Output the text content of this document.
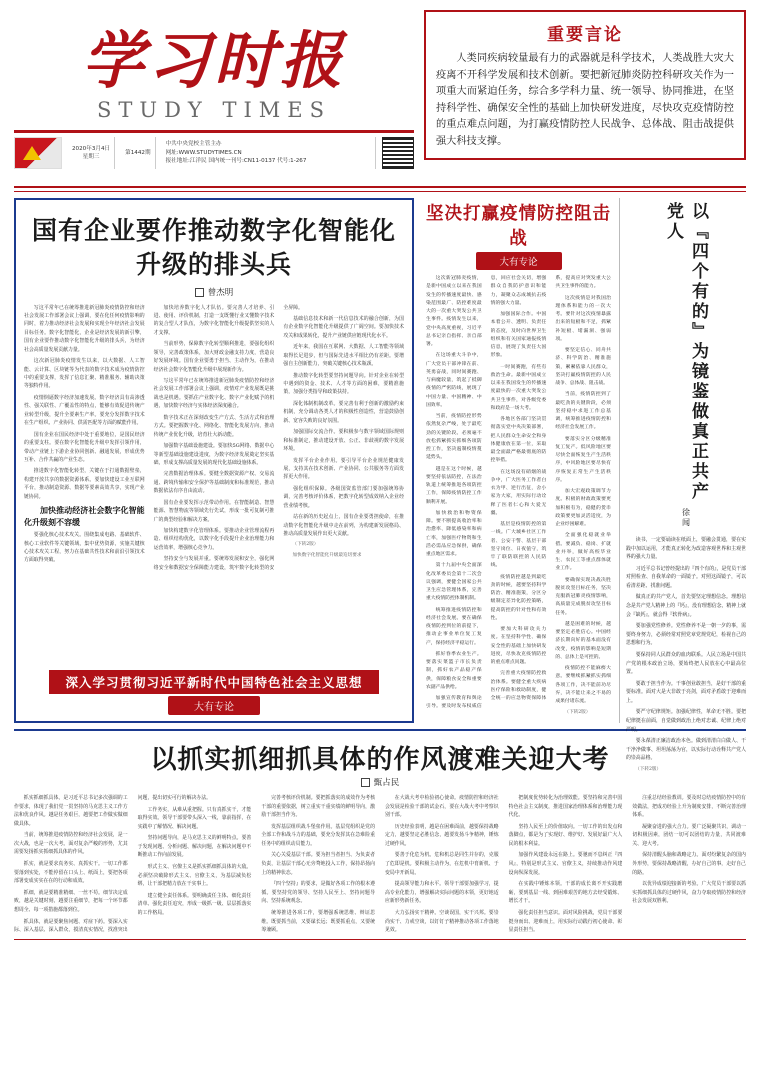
学习时报
STUDY TIMES
2020年3月4日
星期三
第1442期
中共中央党校主管主办
网址:WWW.STUDYTIMES.CN
报社地址:江洋民 国内统一刊号:CN11-0137 代号:1-267
重要言论
人类同疾病较量最有力的武器就是科学技术，人类战胜大灾大疫离不开科学发展和技术创新。要把新冠肺炎防控科研攻关作为一项重大而紧迫任务，综合多学科力量、统一领导、协同推进，在坚持科学性、确保安全性的基础上加快研发进度，尽快攻克疫情防控的重点难点问题，为打赢疫情防控人民战争、总体战、阻击战提供强大科技支撑。
国有企业要作推动数字化智能化升级的排头兵
曾杰明

写这平常年已在统筹推进新冠肺炎疫情防控和经济社会发展工作部署会议上强调，要在化任何疫情影响的同时，着力推动经济社会发展和实现全年经济社会发展目标任务。数字化智能化，企业是经济发展的新引擎，国有企业要作推动数字化智能化升级的排头兵，为经济社会高质量发展贡献力量。

这次新冠肺炎疫情发生以来，以大数据、人工智能、云计算、区块链等为代表的数字技术成为疫情防控中的重要支撑，发挥了信息汇聚、精准服务、辅助决策等独特作用。

疫情倒逼数字经济加速发展。数字经济具有高渗透性、强关联性、广覆盖性的特点，能够有效促进传统产业转型升级，提升全要素生产率。要充分发挥数字技术在生产组织、产业协同、供需匹配等方面的赋能作用。

国有企业在国民经济中处于重要地位，是国民经济的重要支柱。要在数字化智能化升级中发挥引领作用，带动产业链上下游企业协同创新、融通发展，形成优势互补、合作共赢的产业生态。

推进数字化智能化转型，关键在于打通数据壁垒，构建开放共享的数据资源体系。要加快建设工业互联网平台，推动制造资源、数据等要素高效共享，实现产业链协同。

加快推动经济社会数字化智能化升级刻不容缓

要强化核心技术攻关。围绕集成电路、基础软件、核心工业软件等关键领域，集中优势资源，实施关键核心技术攻关工程，努力在基础共性技术和前沿引领技术方面取得突破。

加快培养数字化人才队伍。要完善人才培养、引进、使用、评价机制，打造一支既懂行业又懂数字技术的复合型人才队伍，为数字化智能化升级提供坚实的人才支撑。

当前形势，保障数字化转型顺利推进，要强化组织领导，完善政策体系，加大财政金融支持力度，营造良好发展环境。国有企业要勇于担当、主动作为，在推动经济社会数字化智能化升级中展现新作为。

写这平常年已在统筹推进新冠肺炎疫情防控和经济社会发展工作部署会议上强调，疫情对产业发展既是挑战也是机遇。要抓住产业数字化、数字产业化赋予的机遇，加快数字经济与实体经济深度融合。

数字技术正在深刻改变生产方式、生活方式和治理方式。要把握数字化、网络化、智能化发展方向，推动传统产业优化升级，培育壮大新动能。

加强数字基础设施建设。要加快5G网络、数据中心等新型基础设施建设进度，为数字经济发展奠定坚实基础，形成支撑高质量发展的现代化基础设施体系。

完善数据治理体系。要健全数据资源产权、交易流通、跨境传输和安全保护等基础制度和标准规范，推动数据依法有序自由流动。

国有企业要发挥示范带动作用。在智能制造、智慧能源、智慧物流等领域先行先试，形成一批可复制可推广的典型经验和解决方案。

加快构建数字化管理体系。要推动企业管理流程再造、组织结构优化，以数字化手段提升企业治理能力和运营效率，增强核心竞争力。

坚持安全与发展并重。要统筹发展和安全，强化网络安全和数据安全保障能力建设，筑牢数字化转型的安全屏障。

基础信息技术和新一代信息技术的融合创新，为国有企业数字化智能化升级提供了广阔空间。要加快技术攻关和成果转化，提升产业链供应链现代化水平。

近年来，我国在互联网、大数据、人工智能等领域取得长足进步，但与国际先进水平相比仍有差距。要增强自主创新能力，突破关键核心技术瓶颈。

推动数字化转型要坚持问题导向。针对企业在转型中遇到的资金、技术、人才等方面的困难，要精准施策，加强分类指导和政策扶持。

深化体制机制改革。要完善有利于创新的激励约束机制，充分调动各类人才的积极性创造性，营造鼓励创新、宽容失败的良好氛围。

加强国际交流合作。要积极参与数字领域国际规则和标准制定，推动建设开放、公正、非歧视的数字发展环境。

发挥平台企业作用。要引导平台企业规范健康发展，支持其在技术创新、产业协同、公共服务等方面发挥更大作用。

强化组织保障。各级国资监管部门要加强统筹协调，完善考核评价体系，把数字化转型成效纳入企业经营业绩考核。

站在新的历史起点上，国有企业要勇担使命，在推动数字化智能化升级中走在前列，为构建新发展格局、推动高质量发展作出更大贡献。

（下转2版）

加快数字化智能化升级最迫切要求

深入学习贯彻习近平新时代中国特色社会主义思想
大有专论
坚决打赢疫情防控阻击战
大有专论

这次新冠肺炎疫情，是新中国成立以来在我国发生的传播速度最快、感染范围最广、防控难度最大的一次重大突发公共卫生事件。疫情发生以来，党中央高度重视，习近平总书记亲自指挥、亲自部署。

在这场重大斗争中，广大党员干部冲锋在前、英勇奋战，同时间赛跑、与病魔较量，筑起了抵御疫情的严密防线，展现了中国力量、中国精神、中国效率。

当前，疫情防控形势依然复杂严峻，处于最吃劲的关键阶段。必须毫不放松抓紧抓实抓细各项防控工作，坚决遏制疫情蔓延势头。

越是在这个时候，越要坚持依法防控，在法治轨道上统筹推进各项防控工作，保障疫情防控工作顺利开展。

加快救治和物资保障。要不断提高收治率和治愈率、降低感染率和病亡率，加强医疗物资和生活必需品应急保供，确保重点地区需求。

第十九届中央全面深化改革委员会第十二次会议强调，要健全国家公共卫生应急管理体系，完善重大疫情防控体制机制。

统筹推进疫情防控和经济社会发展。要在确保疫情防控到位的前提下，推动企事业单位复工复产，保持经济平稳运行。

抓好春季农业生产。要落实菜篮子市长负责制，抓好农产品稳产保供，保障粮食安全和重要农副产品供给。

加强宣传教育和舆论引导。要及时发布权威信息，回应社会关切，增强群众自我防护意识和能力，凝聚众志成城抗击疫情的强大力量。

加强国际合作。中国本着公开、透明、负责任的态度，及时向世界卫生组织和有关国家通报疫情信息，展现了负责任大国形象。

一时间赛跑，有些有救治生命。最新中国成立以来在我国发生的传播速度最快的一次重大突发公共卫生事件，对各级党委和政府是一场大考。

各地区各部门坚决贯彻落实党中央决策部署，把人民群众生命安全和身体健康放在第一位，采取最全面最严格最彻底的防控举措。

在这场没有硝烟的战争中，广大医务工作者白衣为甲、逆行出征，舍小家为大家，用实际行动诠释了医者仁心和大爱无疆。

基层是疫情防控的第一线。广大城乡社区工作者、公安干警、基层干部坚守岗位、日夜值守，筑牢了联防联控的人民防线。

疫情防控越是到最吃劲的时候，越要坚持科学防治、精准施策，分区分级制定差异化防控策略，提高防控的针对性和有效性。

要加大科研攻关力度。在坚持科学性、确保安全性的基础上加快研发进度，尽快攻克疫情防控的重点难点问题。

完善重大疫情防控救治体系。要健全重大疾病医疗保险和救助制度，健全统一的应急物资保障体系，提高应对突发重大公共卫生事件的能力。

这次疫情是对我国治理体系和能力的一次大考。要针对这次疫情暴露出来的短板和不足，抓紧补短板、堵漏洞、强弱项。

要坚定信心、同舟共济、科学防治、精准施策，紧紧依靠人民群众，坚决打赢疫情防控的人民战争、总体战、阻击战。

当前，疫情防控到了最吃劲的关键阶段，必须坚持稳中求进工作总基调，统筹推进疫情防控和经济社会发展工作。

要落实分区分级精准复工复产。低风险地区要尽快全面恢复生产生活秩序，中风险地区要尽快有序恢复正常生产生活秩序。

加大宏观政策调节力度。积极的财政政策要更加积极有为，稳健的货币政策要更加灵活适度，为企业纾困解难。

全面强化稳就业举措。要减负、稳岗、扩就业并举，做好高校毕业生、农民工等重点群体就业工作。

要确保实现决战决胜脱贫攻坚目标任务，坚决克服新冠肺炎疫情影响，高质量完成脱贫攻坚目标任务。

越是困难的时候，越要坚定必胜信心。中国经济长期向好的基本面没有改变，疫情的影响是短期的、总体上是可控的。

疫情防控不能麻痹大意。要继续抓紧抓实抓细各项工作，决不能前功尽弃，决不能让来之不易的成果付诸东流。

（下转2版）

以『四个有的』为镜鉴做真正共产党人
徐闻

读书，一定要诵读在纸面上，要融会贯通，要在实践中加以运用，才能真正转化为改造客观世界和主观世界的强大力量。

习近平总书记曾经提出的『四个有的』，是党员干部对照检查、自我革命的一面镜子。对照这面镜子，可以看清差距、找准问题。

做真正的共产党人，首先要坚定理想信念。理想信念是共产党人精神上的『钙』，没有理想信念，精神上就会『缺钙』，就会得『软骨病』。

要加强党性修养。党性修养不是一朝一夕的事，需要终身努力，必须经常对照党章党规党纪，检视自己的思想和行为。

要保持同人民群众的血肉联系。人民立场是中国共产党的根本政治立场，要始终把人民放在心中最高位置。

要敢于担当作为。干事创业敢担当，是好干部的重要标准。面对大是大非敢于亮剑，面对矛盾敢于迎难而上。

要严守纪律规矩。加强纪律性，革命无不胜。要把纪律挺在前面，自觉做到政治上绝对忠诚、纪律上绝对严明。

要永葆清正廉洁政治本色。做到清清白白做人、干干净净做事、坦坦荡荡为官，以实际行动诠释共产党人的崇高品格。

（下转2版）

以抓实抓细抓具体的作风渡难关迎大考
甄占民

抓实抓细抓具体，是习近平总书记多次强调的工作要求，体现了我们党一贯坚持的马克思主义工作方法和优良作风。越是任务艰巨，越要把工作做实做细做具体。

当前，统筹推进疫情防控和经济社会发展，是一次大战，也是一次大考。面对复杂严峻的形势，尤其需要发扬抓实抓细抓具体的作风。

抓实，就是要求真务实、真抓实干。一切工作都要落到实处，不能停留在口头上、纸面上，要把各项部署变成实实在在的行动和成效。

抓细，就是要精准精细、一丝不苟。细节决定成败，越是关键时刻，越要注重细节，把每一个环节都想周全、每一项措施都落到位。

抓具体，就是要聚焦问题、对症下药。要深入实际、深入基层、深入群众，摸清真实情况，找准突出问题，提出切实可行的解决办法。

工作务实，从难从重把握。只有真抓实干，才能取得实效。领导干部要带头深入一线，靠前指挥，在实践中了解情况、解决问题。

坚持问题导向，是马克思主义的鲜明特点。要善于发现问题、分析问题、解决问题，在解决问题中不断推动工作向前发展。

形式主义、官僚主义是抓实抓细抓具体的大敌。必须坚决破除形式主义、官僚主义，为基层减负松绑，让干部把精力放在干实事上。

建立健全责任体系。要明确责任主体、细化责任清单、强化责任追究，形成一级抓一级、层层抓落实的工作格局。

完善考核评价机制。要把抓落实的成效作为考核干部的重要依据，树立重实干重实绩的鲜明导向，激励干部担当作为。

发挥基层组织战斗堡垒作用。基层党组织是党的全部工作和战斗力的基础，要充分发挥其在急难险重任务中的组织动员能力。

关心关爱基层干部。要为担当者担当、为负责者负责，让基层干部心无旁骛地投入工作，保持昂扬向上的精神状态。

『四个坚持』的要求，是做好各项工作的根本遵循。要坚持党的领导、坚持人民至上、坚持问题导向、坚持系统观念。

统筹推进各项工作，要增强系统思维、辩证思维。既要抓当前，又要谋长远；既要抓重点，又要统筹兼顾。

在大战大考中检验初心使命。疫情防控和经济社会发展是检验干部的试金石，要在大战大考中考察识别干部。

历史经验表明，越是在困难面前，越要保持战略定力，越要坚定必胜信念，越要发扬斗争精神，锤炼过硬作风。

要善于化危为机。危和机总是同生并存的，克服了危即是机。要积极主动作为，在危机中育新机、于变局中开新局。

提高领导能力和水平。领导干部要加强学习，提高专业化能力，增强解决实际问题的本领，更好地适应新形势新任务。

大力弘扬实干精神。空谈误国，实干兴邦。要崇尚实干、力戒空谈，以钉钉子精神推动各项工作落地见效。

把制度优势转化为治理效能。要坚持和完善中国特色社会主义制度，推进国家治理体系和治理能力现代化。

坚持人民至上的价值取向。一切工作的出发点和落脚点，都是为了实现好、维护好、发展好最广大人民的根本利益。

加强作风建设永远在路上。要驰而不息纠正『四风』，特别是形式主义、官僚主义，持续推动作风建设向纵深发展。

在实践中锤炼本领。干部的成长离不开实践磨砺，要到基层一线、到困难艰苦的地方去经受锻炼、增长才干。

强化责任担当意识。面对风险挑战，党员干部要挺身而出、迎难而上，用实际行动践行初心使命、彰显责任担当。

注重总结经验教训。要及时总结疫情防控中的有效做法，把成功经验上升为制度安排，不断完善治理体系。

凝聚奋进的强大合力。要广泛凝聚共识，调动一切积极因素，团结一切可以团结的力量，共同渡难关、迎大考。

保持清醒头脑和战略定力。面对纷繁复杂的国内外形势，要保持战略清醒，办好自己的事，走好自己的路。

以优异成绩迎接新的考验。广大党员干部要以抓实抓细抓具体的过硬作风，奋力夺取疫情防控和经济社会发展双胜利。
